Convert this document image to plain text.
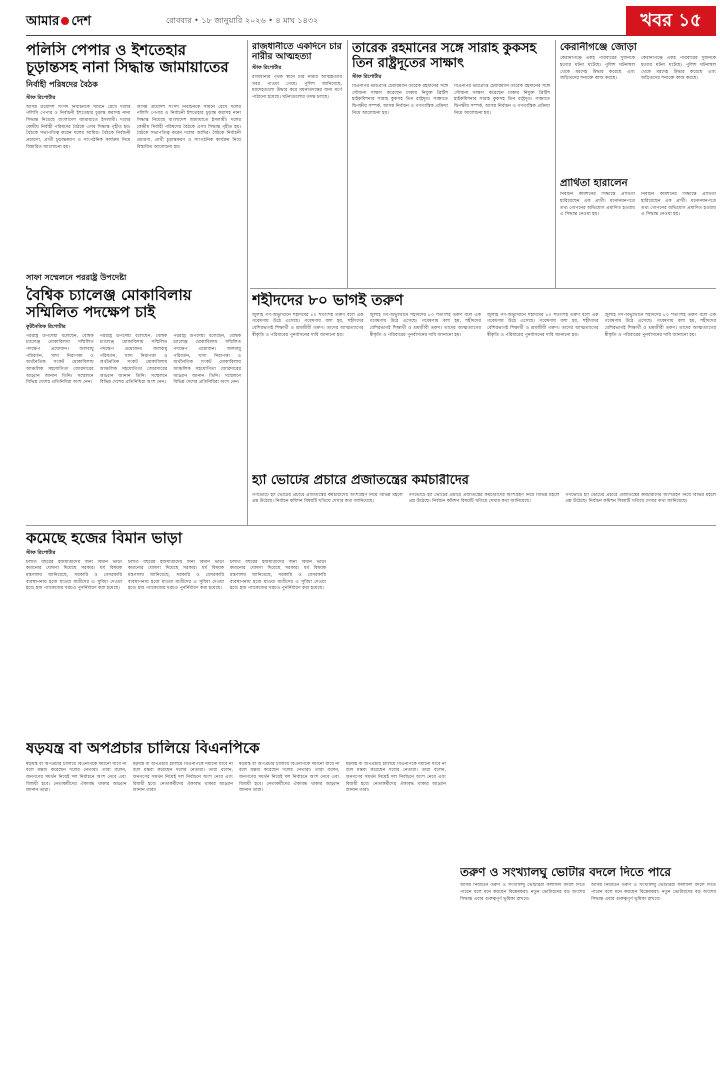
আমার দেশ	রোববার • ১৮ জানুয়ারি ২০২৬ • ৪ মাঘ ১৪৩২	খবর ১৫
পলিসি পেপার ও ইশতেহার চূড়ান্তসহ নানা সিদ্ধান্ত জামায়াতের
নির্বাহী পরিষদের বৈঠক
স্টাফ রিপোর্টার
আসন্ন ত্রয়োদশ সংসদ নির্বাচনকে সামনে রেখে দলের পলিসি পেপার ও নির্বাচনী ইশতেহার চূড়ান্ত করাসহ নানা সিদ্ধান্ত নিয়েছে বাংলাদেশ জামায়াতে ইসলামী। দলের কেন্দ্রীয় নির্বাহী পরিষদের বৈঠকে এসব সিদ্ধান্ত গৃহীত হয়। বৈঠকে সভাপতিত্ব করেন দলের আমির। বৈঠকে নির্বাচনী প্রচারণা, প্রার্থী চূড়ান্তকরণ ও সাংগঠনিক কার্যক্রম নিয়ে বিস্তারিত আলোচনা হয়।
আসন্ন ত্রয়োদশ সংসদ নির্বাচনকে সামনে রেখে দলের পলিসি পেপার ও নির্বাচনী ইশতেহার চূড়ান্ত করাসহ নানা সিদ্ধান্ত নিয়েছে বাংলাদেশ জামায়াতে ইসলামী। দলের কেন্দ্রীয় নির্বাহী পরিষদের বৈঠকে এসব সিদ্ধান্ত গৃহীত হয়। বৈঠকে সভাপতিত্ব করেন দলের আমির। বৈঠকে নির্বাচনী প্রচারণা, প্রার্থী চূড়ান্তকরণ ও সাংগঠনিক কার্যক্রম নিয়ে বিস্তারিত আলোচনা হয়।
সাফা সম্মেলনে পররাষ্ট্র উপদেষ্টা
বৈশ্বিক চ্যালেঞ্জ মোকাবিলায় সম্মিলিত পদক্ষেপ চাই
কূটনৈতিক রিপোর্টার
পররাষ্ট্র উপদেষ্টা বলেছেন, বৈশ্বিক চ্যালেঞ্জ মোকাবিলায় সম্মিলিত পদক্ষেপ প্রয়োজন। জলবায়ু পরিবর্তন, খাদ্য নিরাপত্তা ও অর্থনৈতিক সংকট মোকাবিলায় আঞ্চলিক সহযোগিতা জোরদারের আহ্বান জানান তিনি। সম্মেলনে বিভিন্ন দেশের প্রতিনিধিরা অংশ নেন।
পররাষ্ট্র উপদেষ্টা বলেছেন, বৈশ্বিক চ্যালেঞ্জ মোকাবিলায় সম্মিলিত পদক্ষেপ প্রয়োজন। জলবায়ু পরিবর্তন, খাদ্য নিরাপত্তা ও অর্থনৈতিক সংকট মোকাবিলায় আঞ্চলিক সহযোগিতা জোরদারের আহ্বান জানান তিনি। সম্মেলনে বিভিন্ন দেশের প্রতিনিধিরা অংশ নেন।
পররাষ্ট্র উপদেষ্টা বলেছেন, বৈশ্বিক চ্যালেঞ্জ মোকাবিলায় সম্মিলিত পদক্ষেপ প্রয়োজন। জলবায়ু পরিবর্তন, খাদ্য নিরাপত্তা ও অর্থনৈতিক সংকট মোকাবিলায় আঞ্চলিক সহযোগিতা জোরদারের আহ্বান জানান তিনি। সম্মেলনে বিভিন্ন দেশের প্রতিনিধিরা অংশ নেন।
রাজধানীতে একদিনে চার নারীর আত্মহত্যা
স্টাফ রিপোর্টার
রাজধানীর পৃথক স্থানে চার নারীর আত্মহত্যার খবর পাওয়া গেছে। পুলিশ জানিয়েছে, মরদেহগুলো উদ্ধার করে ময়নাতদন্তের জন্য মর্গে পাঠানো হয়েছে। ঘটনাগুলোর তদন্ত চলছে।
তারেক রহমানের সঙ্গে সারাহ কুকসহ তিন রাষ্ট্রদূতের সাক্ষাৎ
স্টাফ রিপোর্টার
বিএনপির ভারপ্রাপ্ত চেয়ারম্যান তারেক রহমানের সঙ্গে সৌজন্য সাক্ষাৎ করেছেন ঢাকায় নিযুক্ত ব্রিটিশ হাইকমিশনার সারাহ কুকসহ তিন রাষ্ট্রদূত। সাক্ষাতে দ্বিপক্ষীয় সম্পর্ক, আসন্ন নির্বাচন ও গণতান্ত্রিক প্রক্রিয়া নিয়ে আলোচনা হয়।
বিএনপির ভারপ্রাপ্ত চেয়ারম্যান তারেক রহমানের সঙ্গে সৌজন্য সাক্ষাৎ করেছেন ঢাকায় নিযুক্ত ব্রিটিশ হাইকমিশনার সারাহ কুকসহ তিন রাষ্ট্রদূত। সাক্ষাতে দ্বিপক্ষীয় সম্পর্ক, আসন্ন নির্বাচন ও গণতান্ত্রিক প্রক্রিয়া নিয়ে আলোচনা হয়।
কেরানীগঞ্জে জোড়া
কেরানীগঞ্জে একই পরিবারের দুজনকে হত্যার ঘটনা ঘটেছে। পুলিশ ঘটনাস্থল থেকে মরদেহ উদ্ধার করেছে এবং জড়িতদের শনাক্তে কাজ করছে।
কেরানীগঞ্জে একই পরিবারের দুজনকে হত্যার ঘটনা ঘটেছে। পুলিশ ঘটনাস্থল থেকে মরদেহ উদ্ধার করেছে এবং জড়িতদের শনাক্তে কাজ করছে।
প্রার্থিতা হারালেন
নির্বাচন কমিশনের সিদ্ধান্তে প্রার্থিতা হারিয়েছেন এক প্রার্থী। মনোনয়নপত্রে তথ্য গোপনের অভিযোগ প্রমাণিত হওয়ায় এ সিদ্ধান্ত নেওয়া হয়।
নির্বাচন কমিশনের সিদ্ধান্তে প্রার্থিতা হারিয়েছেন এক প্রার্থী। মনোনয়নপত্রে তথ্য গোপনের অভিযোগ প্রমাণিত হওয়ায় এ সিদ্ধান্ত নেওয়া হয়।
শহীদদের ৮০ ভাগই তরুণ
জুলাই গণ-অভ্যুত্থানে শহীদদের ৮০ শতাংশই তরুণ বলে এক গবেষণায় উঠে এসেছে। গবেষণায় বলা হয়, শহীদদের বেশিরভাগই শিক্ষার্থী ও শ্রমজীবী তরুণ। তাদের আত্মত্যাগের স্বীকৃতি ও পরিবারের পুনর্বাসনের দাবি জানানো হয়।
জুলাই গণ-অভ্যুত্থানে শহীদদের ৮০ শতাংশই তরুণ বলে এক গবেষণায় উঠে এসেছে। গবেষণায় বলা হয়, শহীদদের বেশিরভাগই শিক্ষার্থী ও শ্রমজীবী তরুণ। তাদের আত্মত্যাগের স্বীকৃতি ও পরিবারের পুনর্বাসনের দাবি জানানো হয়।
জুলাই গণ-অভ্যুত্থানে শহীদদের ৮০ শতাংশই তরুণ বলে এক গবেষণায় উঠে এসেছে। গবেষণায় বলা হয়, শহীদদের বেশিরভাগই শিক্ষার্থী ও শ্রমজীবী তরুণ। তাদের আত্মত্যাগের স্বীকৃতি ও পরিবারের পুনর্বাসনের দাবি জানানো হয়।
জুলাই গণ-অভ্যুত্থানে শহীদদের ৮০ শতাংশই তরুণ বলে এক গবেষণায় উঠে এসেছে। গবেষণায় বলা হয়, শহীদদের বেশিরভাগই শিক্ষার্থী ও শ্রমজীবী তরুণ। তাদের আত্মত্যাগের স্বীকৃতি ও পরিবারের পুনর্বাসনের দাবি জানানো হয়।
হ্যাঁ ভোটের প্রচারে প্রজাতন্ত্রের কর্মচারীদের
গণভোটে হ্যাঁ ভোটের প্রচারে প্রজাতন্ত্রের কর্মচারীদের অংশগ্রহণ নিয়ে বিভিন্ন মহলে প্রশ্ন উঠেছে। নির্বাচন কমিশন বিষয়টি খতিয়ে দেখার কথা জানিয়েছে।
গণভোটে হ্যাঁ ভোটের প্রচারে প্রজাতন্ত্রের কর্মচারীদের অংশগ্রহণ নিয়ে বিভিন্ন মহলে প্রশ্ন উঠেছে। নির্বাচন কমিশন বিষয়টি খতিয়ে দেখার কথা জানিয়েছে।
গণভোটে হ্যাঁ ভোটের প্রচারে প্রজাতন্ত্রের কর্মচারীদের অংশগ্রহণ নিয়ে বিভিন্ন মহলে প্রশ্ন উঠেছে। নির্বাচন কমিশন বিষয়টি খতিয়ে দেখার কথা জানিয়েছে।
কমেছে হজের বিমান ভাড়া
স্টাফ রিপোর্টার
চলতি বছরের হজযাত্রীদের জন্য বিমান ভাড়া কমানোর ঘোষণা দিয়েছে সরকার। ধর্ম বিষয়ক মন্ত্রণালয় জানিয়েছে, সরকারি ও বেসরকারি ব্যবস্থাপনায় হজে যাওয়া যাত্রীদের এ সুবিধা দেওয়া হবে। হজ প্যাকেজের খরচও পুনর্নির্ধারণ করা হয়েছে।
চলতি বছরের হজযাত্রীদের জন্য বিমান ভাড়া কমানোর ঘোষণা দিয়েছে সরকার। ধর্ম বিষয়ক মন্ত্রণালয় জানিয়েছে, সরকারি ও বেসরকারি ব্যবস্থাপনায় হজে যাওয়া যাত্রীদের এ সুবিধা দেওয়া হবে। হজ প্যাকেজের খরচও পুনর্নির্ধারণ করা হয়েছে।
চলতি বছরের হজযাত্রীদের জন্য বিমান ভাড়া কমানোর ঘোষণা দিয়েছে সরকার। ধর্ম বিষয়ক মন্ত্রণালয় জানিয়েছে, সরকারি ও বেসরকারি ব্যবস্থাপনায় হজে যাওয়া যাত্রীদের এ সুবিধা দেওয়া হবে। হজ প্যাকেজের খরচও পুনর্নির্ধারণ করা হয়েছে।
ষড়যন্ত্র বা অপপ্রচার চালিয়ে বিএনপিকে
ষড়যন্ত্র বা অপপ্রচার চালিয়ে বিএনপিকে দমানো যাবে না বলে মন্তব্য করেছেন দলের নেতারা। তারা বলেন, জনগণের সমর্থন নিয়েই দল নির্বাচনে অংশ নেবে এবং বিজয়ী হবে। নেতাকর্মীদের ঐক্যবদ্ধ থাকার আহ্বান জানান তারা।
ষড়যন্ত্র বা অপপ্রচার চালিয়ে বিএনপিকে দমানো যাবে না বলে মন্তব্য করেছেন দলের নেতারা। তারা বলেন, জনগণের সমর্থন নিয়েই দল নির্বাচনে অংশ নেবে এবং বিজয়ী হবে। নেতাকর্মীদের ঐক্যবদ্ধ থাকার আহ্বান জানান তারা।
ষড়যন্ত্র বা অপপ্রচার চালিয়ে বিএনপিকে দমানো যাবে না বলে মন্তব্য করেছেন দলের নেতারা। তারা বলেন, জনগণের সমর্থন নিয়েই দল নির্বাচনে অংশ নেবে এবং বিজয়ী হবে। নেতাকর্মীদের ঐক্যবদ্ধ থাকার আহ্বান জানান তারা।
ষড়যন্ত্র বা অপপ্রচার চালিয়ে বিএনপিকে দমানো যাবে না বলে মন্তব্য করেছেন দলের নেতারা। তারা বলেন, জনগণের সমর্থন নিয়েই দল নির্বাচনে অংশ নেবে এবং বিজয়ী হবে। নেতাকর্মীদের ঐক্যবদ্ধ থাকার আহ্বান জানান তারা।
তরুণ ও সংখ্যালঘু ভোটার বদলে দিতে পারে
আসন্ন নির্বাচনে তরুণ ও সংখ্যালঘু ভোটাররা ফলাফল বদলে দিতে পারেন বলে মনে করছেন বিশ্লেষকরা। নতুন ভোটারদের বড় অংশের সিদ্ধান্ত এবার গুরুত্বপূর্ণ ভূমিকা রাখবে।
আসন্ন নির্বাচনে তরুণ ও সংখ্যালঘু ভোটাররা ফলাফল বদলে দিতে পারেন বলে মনে করছেন বিশ্লেষকরা। নতুন ভোটারদের বড় অংশের সিদ্ধান্ত এবার গুরুত্বপূর্ণ ভূমিকা রাখবে।
